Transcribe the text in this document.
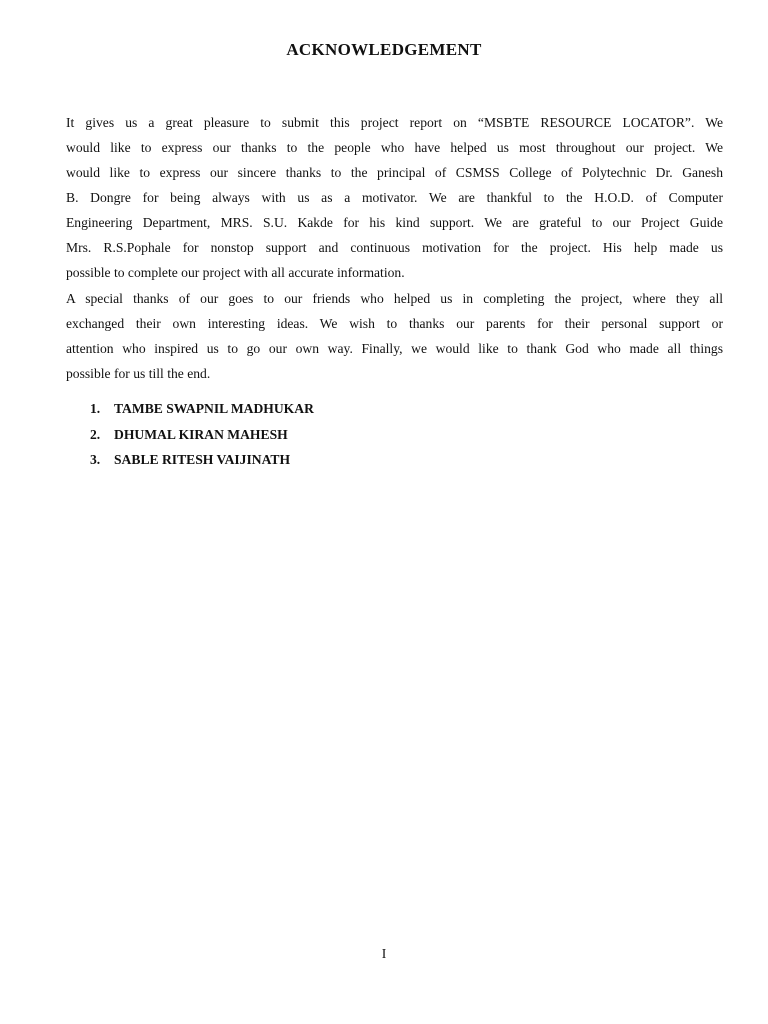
ACKNOWLEDGEMENT
It gives us a great pleasure to submit this project report on “MSBTE RESOURCE LOCATOR”. We
would like to express our thanks to the people who have helped us most throughout our project. We
would like to express our sincere thanks to the principal of CSMSS College of Polytechnic Dr. Ganesh
B. Dongre for being always with us as a motivator. We are thankful to the H.O.D. of Computer
Engineering Department, MRS. S.U. Kakde for his kind support. We are grateful to our Project Guide
Mrs. R.S.Pophale for nonstop support and continuous motivation for the project. His help made us
possible to complete our project with all accurate information.
A special thanks of our goes to our friends who helped us in completing the project, where they all
exchanged their own interesting ideas. We wish to thanks our parents for their personal support or
attention who inspired us to go our own way. Finally, we would like to thank God who made all things
possible for us till the end.
1. TAMBE SWAPNIL MADHUKAR
2. DHUMAL KIRAN MAHESH
3. SABLE RITESH VAIJINATH
I
